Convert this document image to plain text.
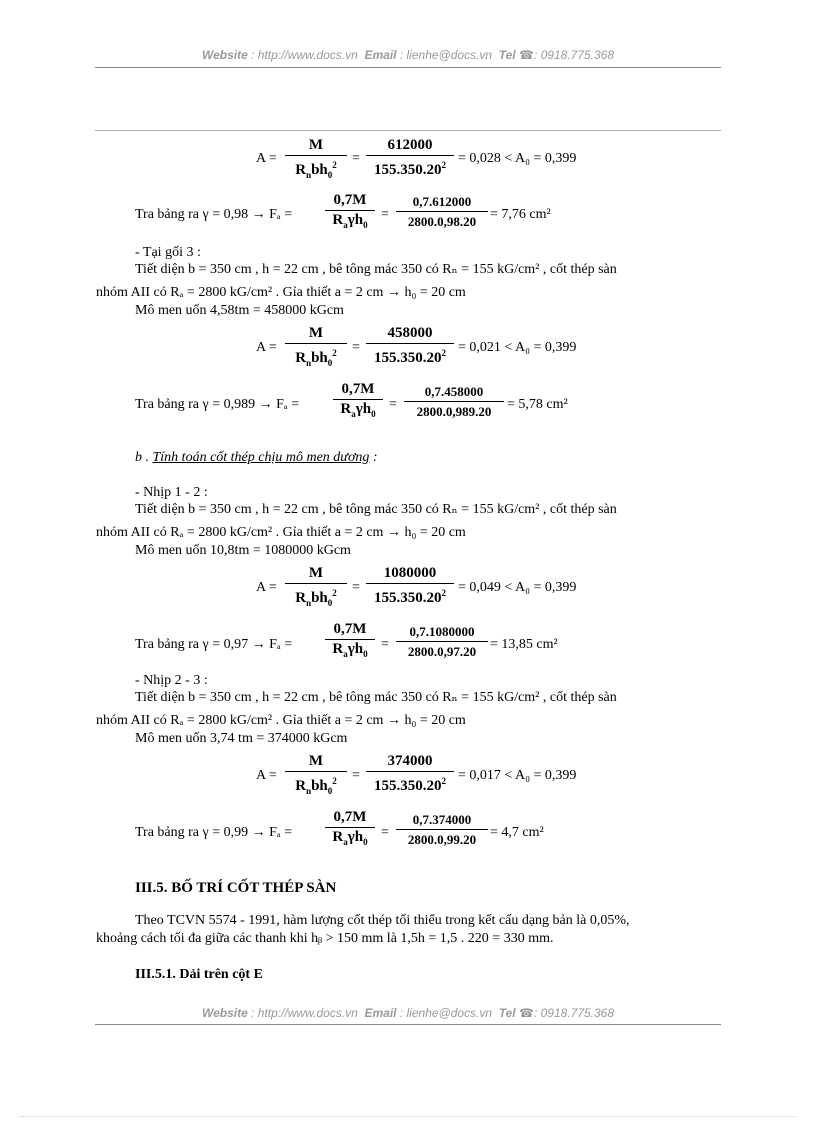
Website : http://www.docs.vn Email : lienhe@docs.vn Tel ☎: 0918.775.368
A =
M
$R_nbh_0^2$	=
612000
$155.350.20^2 = 0,028 < A_0 = 0,399$
Tra bảng ra γ = 0,98 → Fₐ =
0,7M
$R_a\gamma h_0$
=
0,7.612000
2800.0,98.20 = 7,76 cm²
- Tại gối 3 :
Tiết diện b = 350 cm , h = 22 cm , bê tông mác 350 có Rₙ = 155 kG/cm² , cốt thép sàn
nhóm AII có Rₐ = 2800 kG/cm² . Gỉa thiết a = 2 cm → h₀ = 20 cm
Mô men uốn 4,58tm = 458000 kGcm
A =
M
$R_nbh_0^2$	=
458000
$155.350.20^2 = 0,021 < A_0 = 0,399$
Tra bảng ra γ = 0,989 → Fₐ =
0,7M
$R_a\gamma h_0$
=
0,7.458000
2800.0,989.20	= 5,78 cm²
b . Tính toán cốt thép chịu mô men dương :
- Nhịp 1 - 2 :
Tiết diện b = 350 cm , h = 22 cm , bê tông mác 350 có Rₙ = 155 kG/cm² , cốt thép sàn
nhóm AII có Rₐ = 2800 kG/cm² . Gỉa thiết a = 2 cm → h₀ = 20 cm
Mô men uốn 10,8tm = 1080000 kGcm
A =
M
$R_nbh_0^2$	=
1080000
$155.350.20^2 = 0,049 < A_0 = 0,399$
Tra bảng ra γ = 0,97 → Fₐ =
0,7M
$R_a\gamma h_0$
=
0,7.1080000
2800.0,97.20 = 13,85 cm²
- Nhịp 2 - 3 :
Tiết diện b = 350 cm , h = 22 cm , bê tông mác 350 có Rₙ = 155 kG/cm² , cốt thép sàn
nhóm AII có Rₐ = 2800 kG/cm² . Gỉa thiết a = 2 cm → h₀ = 20 cm
Mô men uốn 3,74 tm = 374000 kGcm
A =
M
$R_nbh_0^2$	=
374000
$155.350.20^2 = 0,017 < A_0 = 0,399$
Tra bảng ra γ = 0,99 → Fₐ =
0,7M
$R_a\gamma h_0$
=
0,7.374000
2800.0,99.20 = 4,7 cm²
III.5. BỐ TRÍ CỐT THÉP SÀN
Theo TCVN 5574 - 1991, hàm lượng cốt thép tối thiểu trong kết cấu dạng bản là 0,05%,
khoảng cách tối đa giữa các thanh khi hᵦ > 150 mm là 1,5h = 1,5 . 220 = 330 mm.
III.5.1. Dải trên cột E
Website : http://www.docs.vn Email : lienhe@docs.vn Tel ☎: 0918.775.368
